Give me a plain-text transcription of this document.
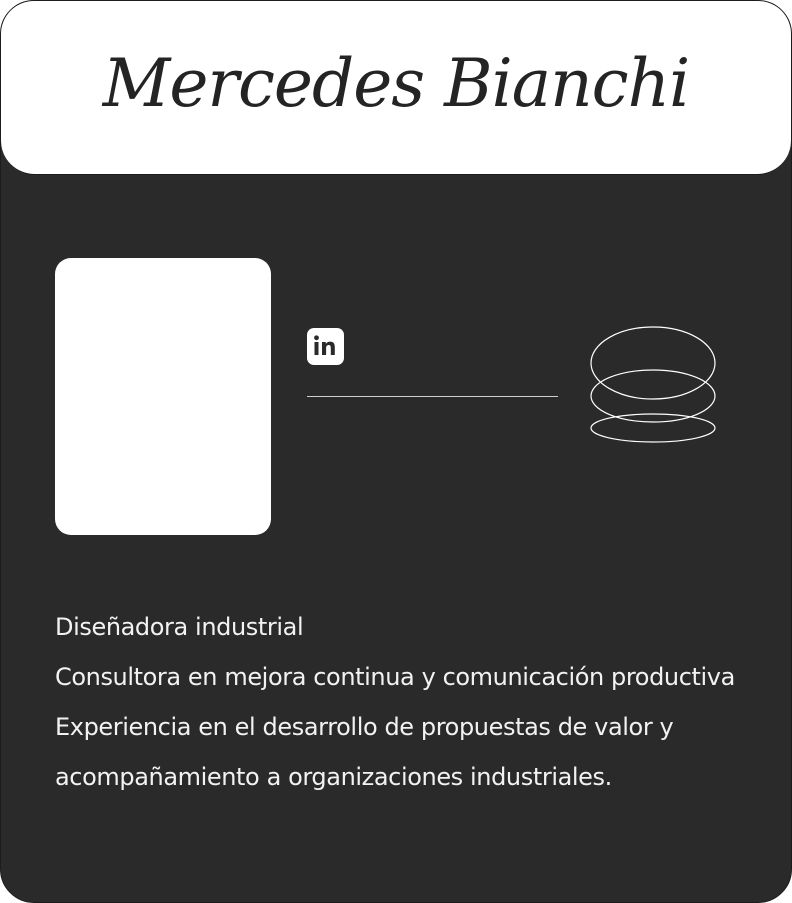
Mercedes Bianchi
Diseñadora industrial
Consultora en mejora continua y comunicación productiva
Experiencia en el desarrollo de propuestas de valor y
acompañamiento a organizaciones industriales.
